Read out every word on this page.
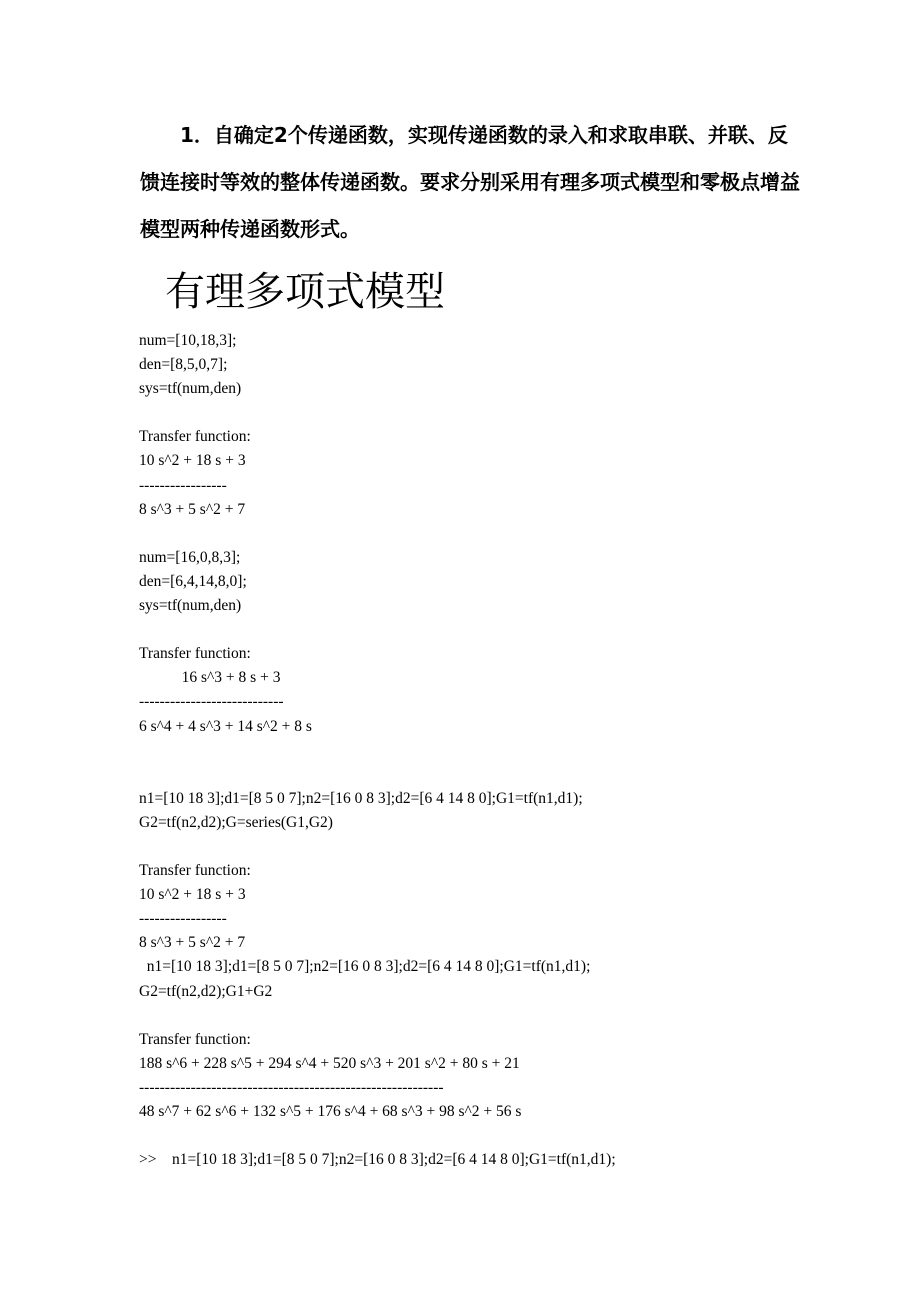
1．自确定2个传递函数，实现传递函数的录入和求取串联、并联、反馈连接时等效的整体传递函数。要求分别采用有理多项式模型和零极点增益模型两种传递函数形式。

有理多项式模型
num=[10,18,3];
den=[8,5,0,7];
sys=tf(num,den)
Transfer function:
10 s^2 + 18 s + 3
-----------------
8 s^3 + 5 s^2 + 7
num=[16,0,8,3];
den=[6,4,14,8,0];
sys=tf(num,den)
Transfer function:
16 s^3 + 8 s + 3
----------------------------
6 s^4 + 4 s^3 + 14 s^2 + 8 s
n1=[10 18 3];d1=[8 5 0 7];n2=[16 0 8 3];d2=[6 4 14 8 0];G1=tf(n1,d1);
G2=tf(n2,d2);G=series(G1,G2)
Transfer function:
10 s^2 + 18 s + 3
-----------------
8 s^3 + 5 s^2 + 7
n1=[10 18 3];d1=[8 5 0 7];n2=[16 0 8 3];d2=[6 4 14 8 0];G1=tf(n1,d1);
G2=tf(n2,d2);G1+G2
Transfer function:
188 s^6 + 228 s^5 + 294 s^4 + 520 s^3 + 201 s^2 + 80 s + 21
-----------------------------------------------------------
48 s^7 + 62 s^6 + 132 s^5 + 176 s^4 + 68 s^3 + 98 s^2 + 56 s
>>    n1=[10 18 3];d1=[8 5 0 7];n2=[16 0 8 3];d2=[6 4 14 8 0];G1=tf(n1,d1);
